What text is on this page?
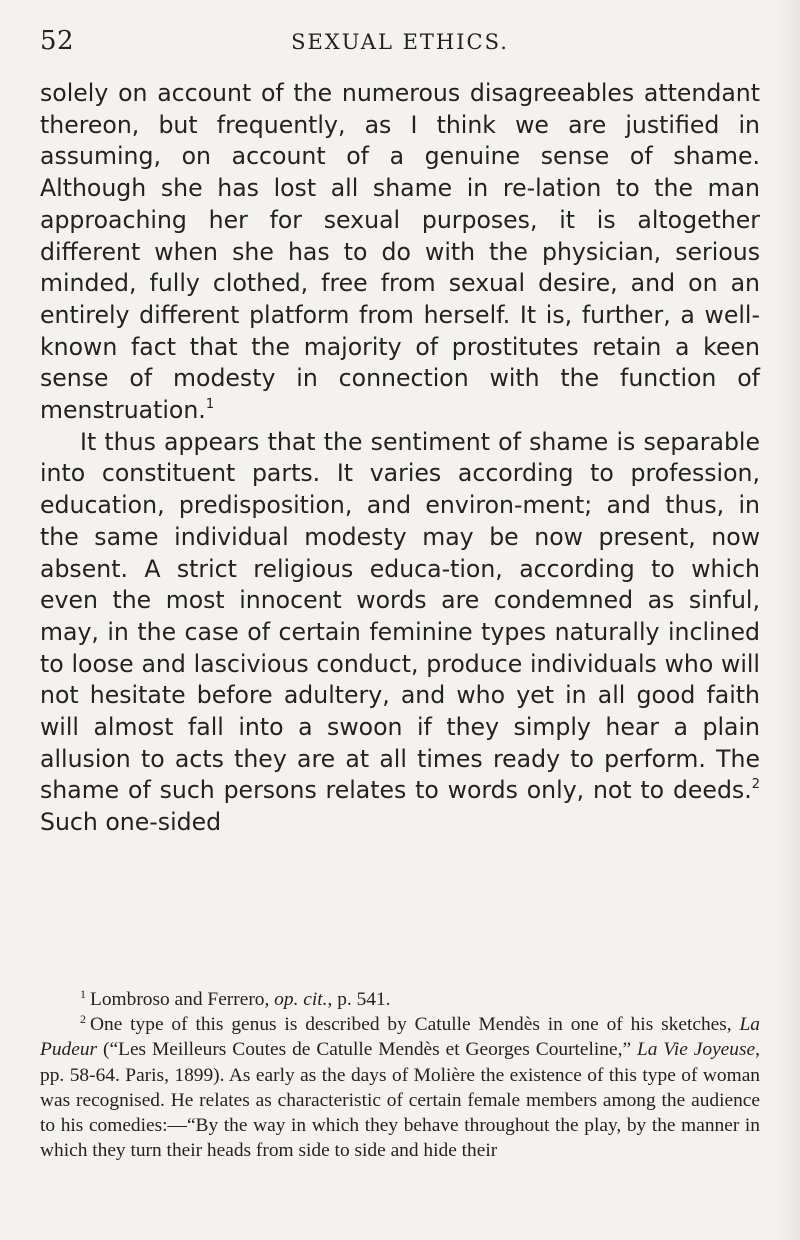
52	SEXUAL ETHICS.

solely on account of the numerous disagreeables attendant thereon, but frequently, as I think we are justified in assuming, on account of a genuine sense of shame. Although she has lost all shame in re-lation to the man approaching her for sexual purposes, it is altogether different when she has to do with the physician, serious minded, fully clothed, free from sexual desire, and on an entirely different platform from herself. It is, further, a well-known fact that the majority of prostitutes retain a keen sense of modesty in connection with the function of menstruation.$^1$

It thus appears that the sentiment of shame is separable into constituent parts. It varies according to profession, education, predisposition, and environ-ment; and thus, in the same individual modesty may be now present, now absent. A strict religious educa-tion, according to which even the most innocent words are condemned as sinful, may, in the case of certain feminine types naturally inclined to loose and lascivious conduct, produce individuals who will not hesitate before adultery, and who yet in all good faith will almost fall into a swoon if they simply hear a plain allusion to acts they are at all times ready to perform. The shame of such persons relates to words only, not to deeds.$^2$ Such one-sided

$^1$ Lombroso and Ferrero, op. cit., p. 541.

$^2$ One type of this genus is described by Catulle Mendès in one of his sketches, La Pudeur (“Les Meilleurs Coutes de Catulle Mendès et Georges Courteline,” La Vie Joyeuse, pp. 58-64. Paris, 1899). As early as the days of Molière the existence of this type of woman was recognised. He relates as characteristic of certain female members among the audience to his comedies:—“By the way in which they behave throughout the play, by the manner in which they turn their heads from side to side and hide their
